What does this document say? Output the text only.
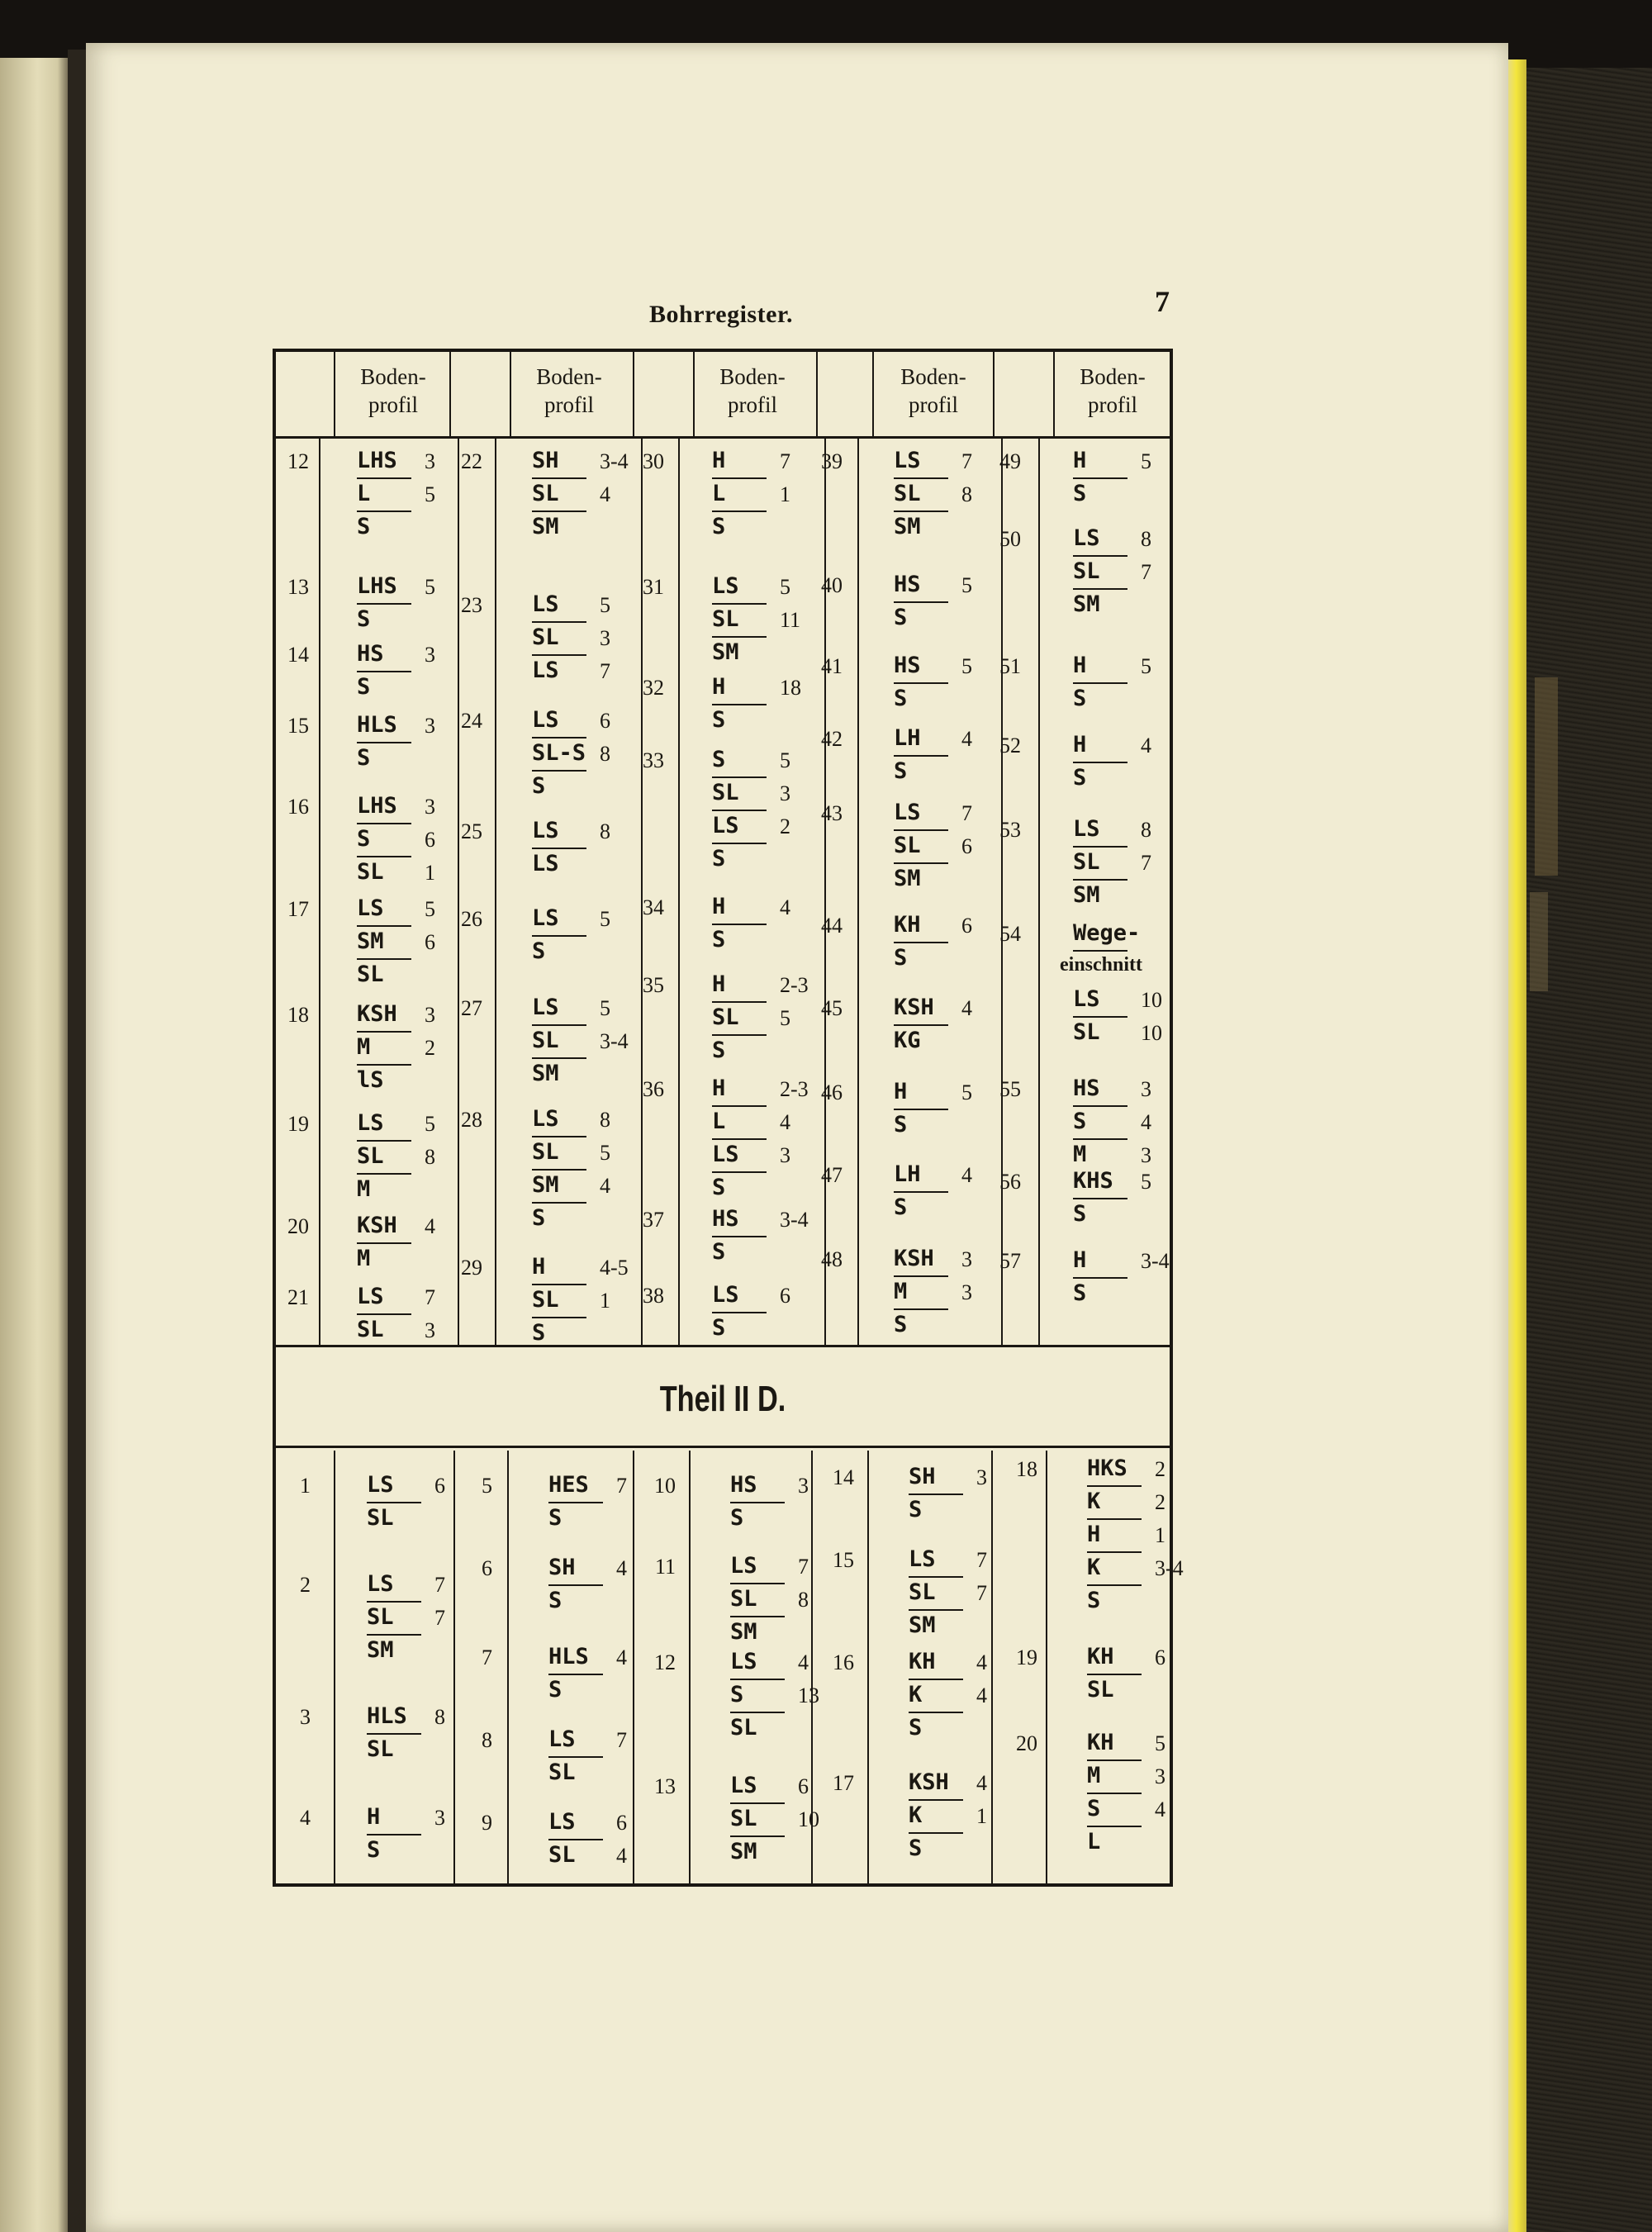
Bohrregister.	7
Theil II D.
Boden-
profil
Boden-
profil
Boden-
profil
Boden-
profil
Boden-
profil
12 LHS 3
L	5
S
13 LHS 5
S
14 HS 3
S
15 HLS 3
S
16 LHS 3
S	6
SL 1
17 LS 5
SM 6
SL
18 KSH 3
M	2
lS
19 LS 5
SL 8
M
20 KSH 4
M
21 LS 7
SL 3
22 SH 3-4
SL 4
SM
23 LS 5
SL 3
LS 7
24 LS 6
SL-S 8
S
25 LS 8
LS
26 LS 5
S
27 LS 5
SL 3-4
SM
28 LS 8
SL 5
SM 4
S
29 H	4-5
SL 1
S
30 H	7
L	1
S
31 LS 5
SL 11
SM
32 H	18
S
33 S	5
SL 3
LS 2
S
34 H	4
S
35 H	2-3
SL 5
S
36 H	2-3
L	4
LS 3
S
37 HS 3-4
S
38 LS 6
S
39 LS 7
SL 8
SM
40 HS 5
S
41 HS 5
S
42 LH 4
S
43 LS 7
SL 6
SM
44 KH 6
S
45 KSH 4
KG
46 H	5
S
47 LH 4
S
48 KSH 3
M	3
S
49 H	5
S
50 LS 8
SL 7
SM
51 H	5
S
52 H	4
S
53 LS 8
SL 7
SM
54 Wege-
einschnitt
LS 10
SL 10
55 HS 3
S	4
M	3
56 KHS 5
S
57 H	3-4
S
1	LS 6
SL
2	LS 7
SL 7
SM
3	HLS 8
SL
4	H	3
S
5	HES 7
S
6	SH 4
S
7	HLS 4
S
8	LS 7
SL
9	LS 6
SL 4
10 HS 3
S
11 LS 7
SL 8
SM
12 LS 4
S	13
SL
13 LS 6
SL 10
SM
14 SH 3
S
15 LS 7
SL 7
SM
16 KH 4
K	4
S
17 KSH 4
K	1
S
18 HKS 2
K	2
H	1
K	3-4
S
19 KH 6
SL
20 KH 5
M	3
S	4
L
